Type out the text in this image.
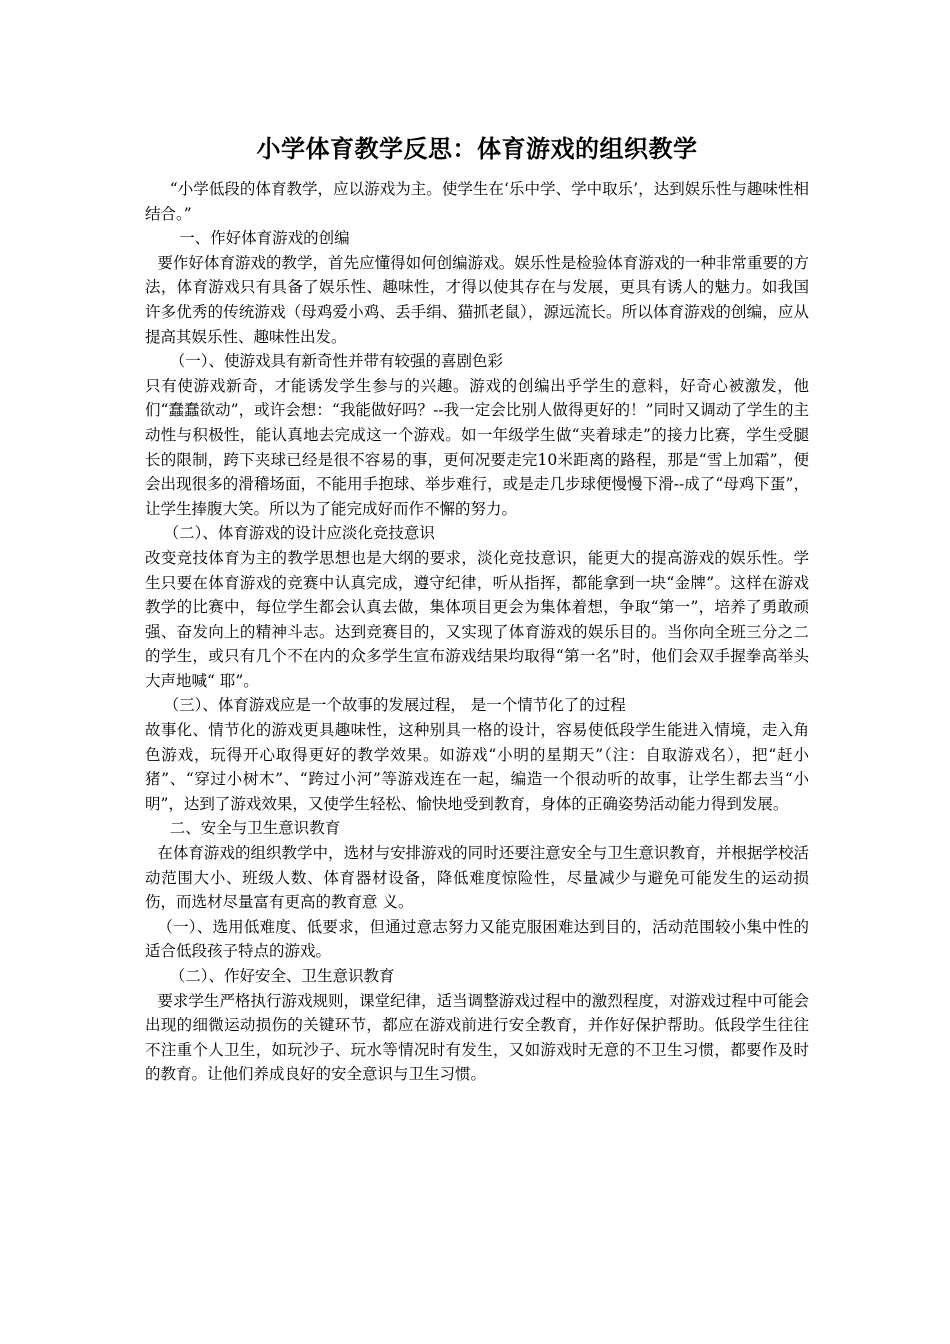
小学体育教学反思：体育游戏的组织教学

“小学低段的体育教学，应以游戏为主。使学生在‘乐中学、学中取乐’，达到娱乐性与趣味性相结合。”

一、作好体育游戏的创编

要作好体育游戏的教学，首先应懂得如何创编游戏。娱乐性是检验体育游戏的一种非常重要的方法，体育游戏只有具备了娱乐性、趣味性，才得以使其存在与发展，更具有诱人的魅力。如我国许多优秀的传统游戏（母鸡爱小鸡、丢手绢、猫抓老鼠），源远流长。所以体育游戏的创编，应从提高其娱乐性、趣味性出发。

（一）、使游戏具有新奇性并带有较强的喜剧色彩

只有使游戏新奇，才能诱发学生参与的兴趣。游戏的创编出乎学生的意料，好奇心被激发，他们“蠢蠢欲动”，或许会想：“我能做好吗？--我一定会比别人做得更好的！”同时又调动了学生的主动性与积极性，能认真地去完成这一个游戏。如一年级学生做“夹着球走”的接力比赛，学生受腿长的限制，跨下夹球已经是很不容易的事，更何况要走完10米距离的路程，那是“雪上加霜”，便会出现很多的滑稽场面，不能用手抱球、举步难行，或是走几步球便慢慢下滑--成了“母鸡下蛋”，让学生捧腹大笑。所以为了能完成好而作不懈的努力。

（二）、体育游戏的设计应淡化竞技意识

改变竞技体育为主的教学思想也是大纲的要求，淡化竞技意识，能更大的提高游戏的娱乐性。学生只要在体育游戏的竞赛中认真完成，遵守纪律，听从指挥，都能拿到一块“金牌”。这样在游戏教学的比赛中，每位学生都会认真去做，集体项目更会为集体着想，争取“第一”，培养了勇敢顽强、奋发向上的精神斗志。达到竞赛目的，又实现了体育游戏的娱乐目的。当你向全班三分之二的学生，或只有几个不在内的众多学生宣布游戏结果均取得“第一名”时，他们会双手握拳高举头大声地喊“ 耶”。

（三）、体育游戏应是一个故事的发展过程， 是一个情节化了的过程

故事化、情节化的游戏更具趣味性，这种别具一格的设计，容易使低段学生能进入情境，走入角色游戏，玩得开心取得更好的教学效果。如游戏“小明的星期天”（注：自取游戏名），把“赶小猪”、“穿过小树木”、“跨过小河”等游戏连在一起，编造一个很动听的故事，让学生都去当“小明”，达到了游戏效果，又使学生轻松、愉快地受到教育，身体的正确姿势活动能力得到发展。

二、安全与卫生意识教育

在体育游戏的组织教学中，选材与安排游戏的同时还要注意安全与卫生意识教育，并根据学校活动范围大小、班级人数、体育器材设备，降低难度惊险性，尽量减少与避免可能发生的运动损伤，而选材尽量富有更高的教育意 义。

（一）、选用低难度、低要求，但通过意志努力又能克服困难达到目的，活动范围较小集中性的适合低段孩子特点的游戏。

（二）、作好安全、卫生意识教育

要求学生严格执行游戏规则，课堂纪律，适当调整游戏过程中的激烈程度，对游戏过程中可能会出现的细微运动损伤的关键环节，都应在游戏前进行安全教育，并作好保护帮助。低段学生往往不注重个人卫生，如玩沙子、玩水等情况时有发生，又如游戏时无意的不卫生习惯，都要作及时的教育。让他们养成良好的安全意识与卫生习惯。
